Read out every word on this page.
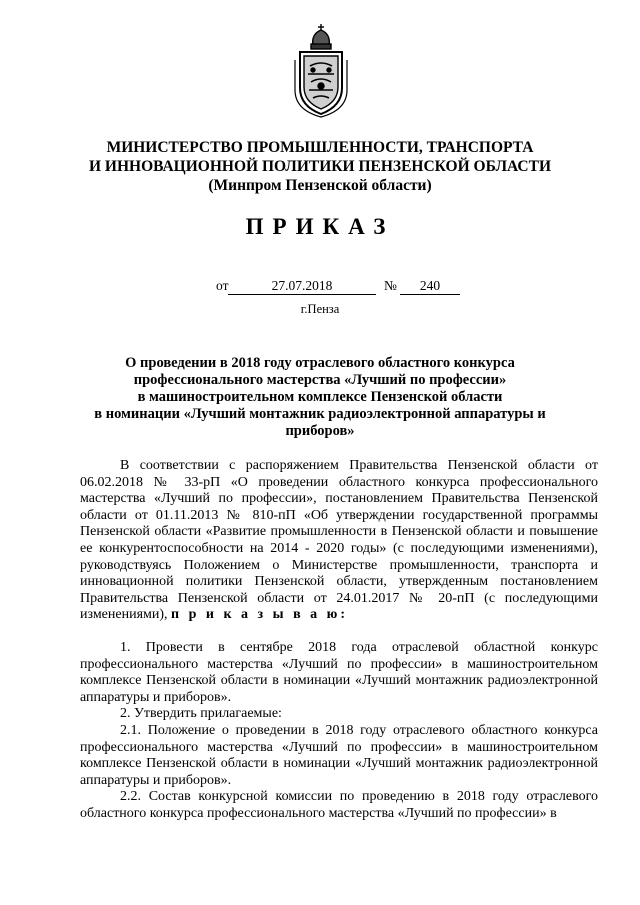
МИНИСТЕРСТВО ПРОМЫШЛЕННОСТИ, ТРАНСПОРТА
И ИННОВАЦИОННОЙ ПОЛИТИКИ ПЕНЗЕНСКОЙ ОБЛАСТИ
(Минпром Пензенской области)
ПРИКАЗ
от	27.07.2018	№	240
г.Пенза
О проведении в 2018 году отраслевого областного конкурса
профессионального мастерства «Лучший по профессии»
в машиностроительном комплексе Пензенской области
в номинации «Лучший монтажник радиоэлектронной аппаратуры и
приборов»

В соответствии с распоряжением Правительства Пензенской области от 06.02.2018 № 33-рП «О проведении областного конкурса профессионального мастерства «Лучший по профессии», постановлением Правительства Пензенской области от 01.11.2013 № 810-пП «Об утверждении государственной программы Пензенской области «Развитие промышленности в Пензенской области и повышение ее конкурентоспособности на 2014 - 2020 годы» (с последующими изменениями), руководствуясь Положением о Министерстве промышленности, транспорта и инновационной политики Пензенской области, утвержденным постановлением Правительства Пензенской области от 24.01.2017 № 20-пП (с последующими изменениями), п р и к а з ы в а ю:

1. Провести в сентябре 2018 года отраслевой областной конкурс профессионального мастерства «Лучший по профессии» в машиностроительном комплексе Пензенской области в номинации «Лучший монтажник радиоэлектронной аппаратуры и приборов».

2. Утвердить прилагаемые:

2.1. Положение о проведении в 2018 году отраслевого областного конкурса профессионального мастерства «Лучший по профессии» в машиностроительном комплексе Пензенской области в номинации «Лучший монтажник радиоэлектронной аппаратуры и приборов».

2.2. Состав конкурсной комиссии по проведению в 2018 году отраслевого областного конкурса профессионального мастерства «Лучший по профессии» в
